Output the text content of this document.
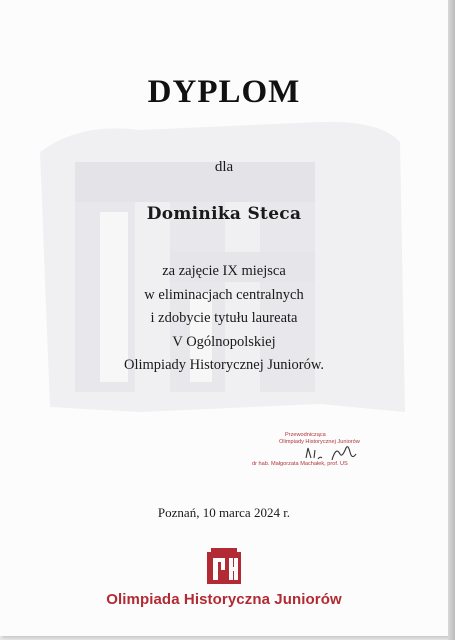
DYPLOM
dla
Dominika Steca
za zajęcie IX miejsca
w eliminacjach centralnych
i zdobycie tytułu laureata
V Ogólnopolskiej
Olimpiady Historycznej Juniorów.
Przewodnicząca
Olimpiady Historycznej Juniorów
dr hab. Małgorzata Machałek, prof. US
Poznań, 10 marca 2024 r.
Olimpiada Historyczna Juniorów
